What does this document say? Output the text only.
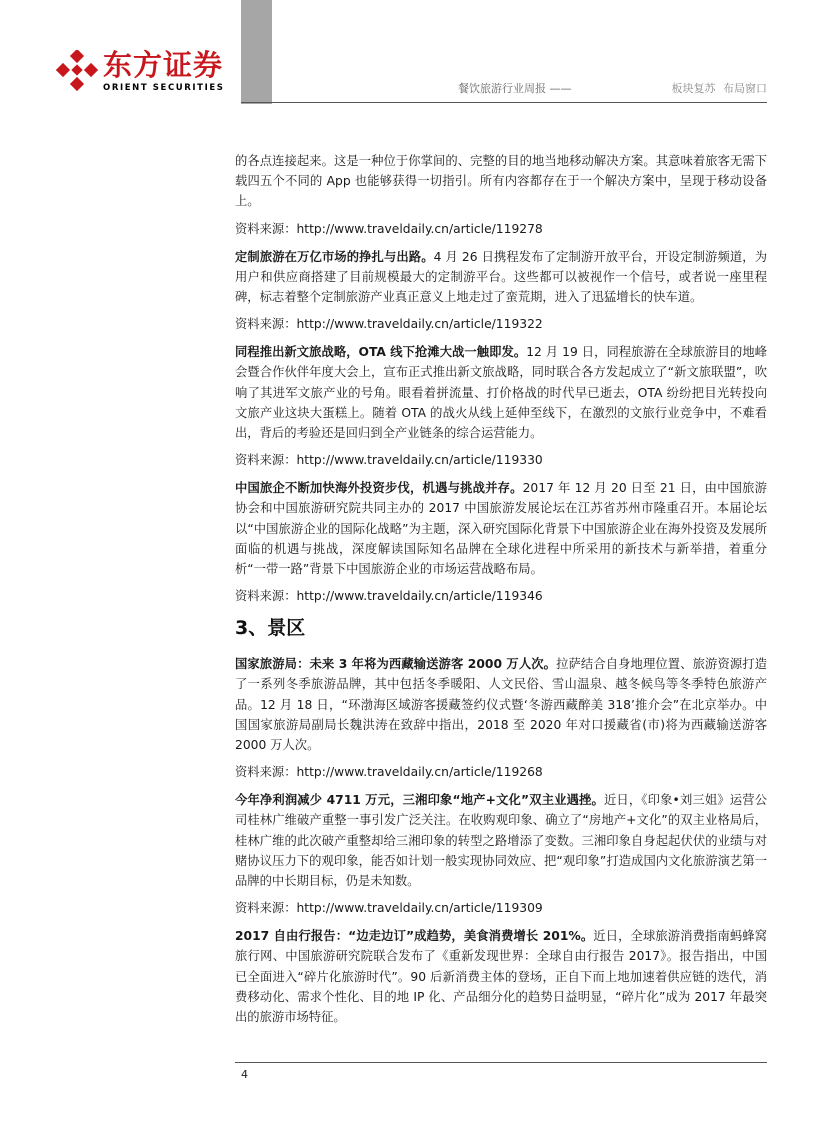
东方证券
ORIENT SECURITIES	餐饮旅游行业周报 ——	板块复苏 布局窗口

的各点连接起来。这是一种位于你掌间的、完整的目的地当地移动解决方案。其意味着旅客无需下载四五个不同的 App 也能够获得一切指引。所有内容都存在于一个解决方案中，呈现于移动设备上。

资料来源：http://www.traveldaily.cn/article/119278

定制旅游在万亿市场的挣扎与出路。4 月 26 日携程发布了定制游开放平台，开设定制游频道，为用户和供应商搭建了目前规模最大的定制游平台。这些都可以被视作一个信号，或者说一座里程碑，标志着整个定制旅游产业真正意义上地走过了蛮荒期，进入了迅猛增长的快车道。

资料来源：http://www.traveldaily.cn/article/119322

同程推出新文旅战略，OTA 线下抢滩大战一触即发。12 月 19 日，同程旅游在全球旅游目的地峰会暨合作伙伴年度大会上，宣布正式推出新文旅战略，同时联合各方发起成立了“新文旅联盟”，吹响了其进军文旅产业的号角。眼看着拼流量、打价格战的时代早已逝去，OTA 纷纷把目光转投向文旅产业这块大蛋糕上。随着 OTA 的战火从线上延伸至线下，在激烈的文旅行业竞争中，不难看出，背后的考验还是回归到全产业链条的综合运营能力。

资料来源：http://www.traveldaily.cn/article/119330

中国旅企不断加快海外投资步伐，机遇与挑战并存。2017 年 12 月 20 日至 21 日，由中国旅游协会和中国旅游研究院共同主办的 2017 中国旅游发展论坛在江苏省苏州市隆重召开。本届论坛以“中国旅游企业的国际化战略”为主题，深入研究国际化背景下中国旅游企业在海外投资及发展所面临的机遇与挑战，深度解读国际知名品牌在全球化进程中所采用的新技术与新举措，着重分析“一带一路”背景下中国旅游企业的市场运营战略布局。

资料来源：http://www.traveldaily.cn/article/119346

3、景区

国家旅游局：未来 3 年将为西藏输送游客 2000 万人次。拉萨结合自身地理位置、旅游资源打造了一系列冬季旅游品牌，其中包括冬季暖阳、人文民俗、雪山温泉、越冬候鸟等冬季特色旅游产品。12 月 18 日，“环渤海区域游客援藏签约仪式暨‘冬游西藏醉美 318’推介会”在北京举办。中国国家旅游局副局长魏洪涛在致辞中指出，2018 至 2020 年对口援藏省(市)将为西藏输送游客 2000 万人次。

资料来源：http://www.traveldaily.cn/article/119268

今年净利润减少 4711 万元，三湘印象“地产+文化”双主业遇挫。近日，《印象•刘三姐》运营公司桂林广维破产重整一事引发广泛关注。在收购观印象、确立了“房地产+文化”的双主业格局后，桂林广维的此次破产重整却给三湘印象的转型之路增添了变数。三湘印象自身起起伏伏的业绩与对赌协议压力下的观印象，能否如计划一般实现协同效应、把“观印象”打造成国内文化旅游演艺第一品牌的中长期目标，仍是未知数。

资料来源：http://www.traveldaily.cn/article/119309

2017 自由行报告：“边走边订”成趋势，美食消费增长 201%。近日，全球旅游消费指南蚂蜂窝旅行网、中国旅游研究院联合发布了《重新发现世界：全球自由行报告 2017》。报告指出，中国已全面进入“碎片化旅游时代”。90 后新消费主体的登场，正自下而上地加速着供应链的迭代，消费移动化、需求个性化、目的地 IP 化、产品细分化的趋势日益明显，“碎片化”成为 2017 年最突出的旅游市场特征。

4
